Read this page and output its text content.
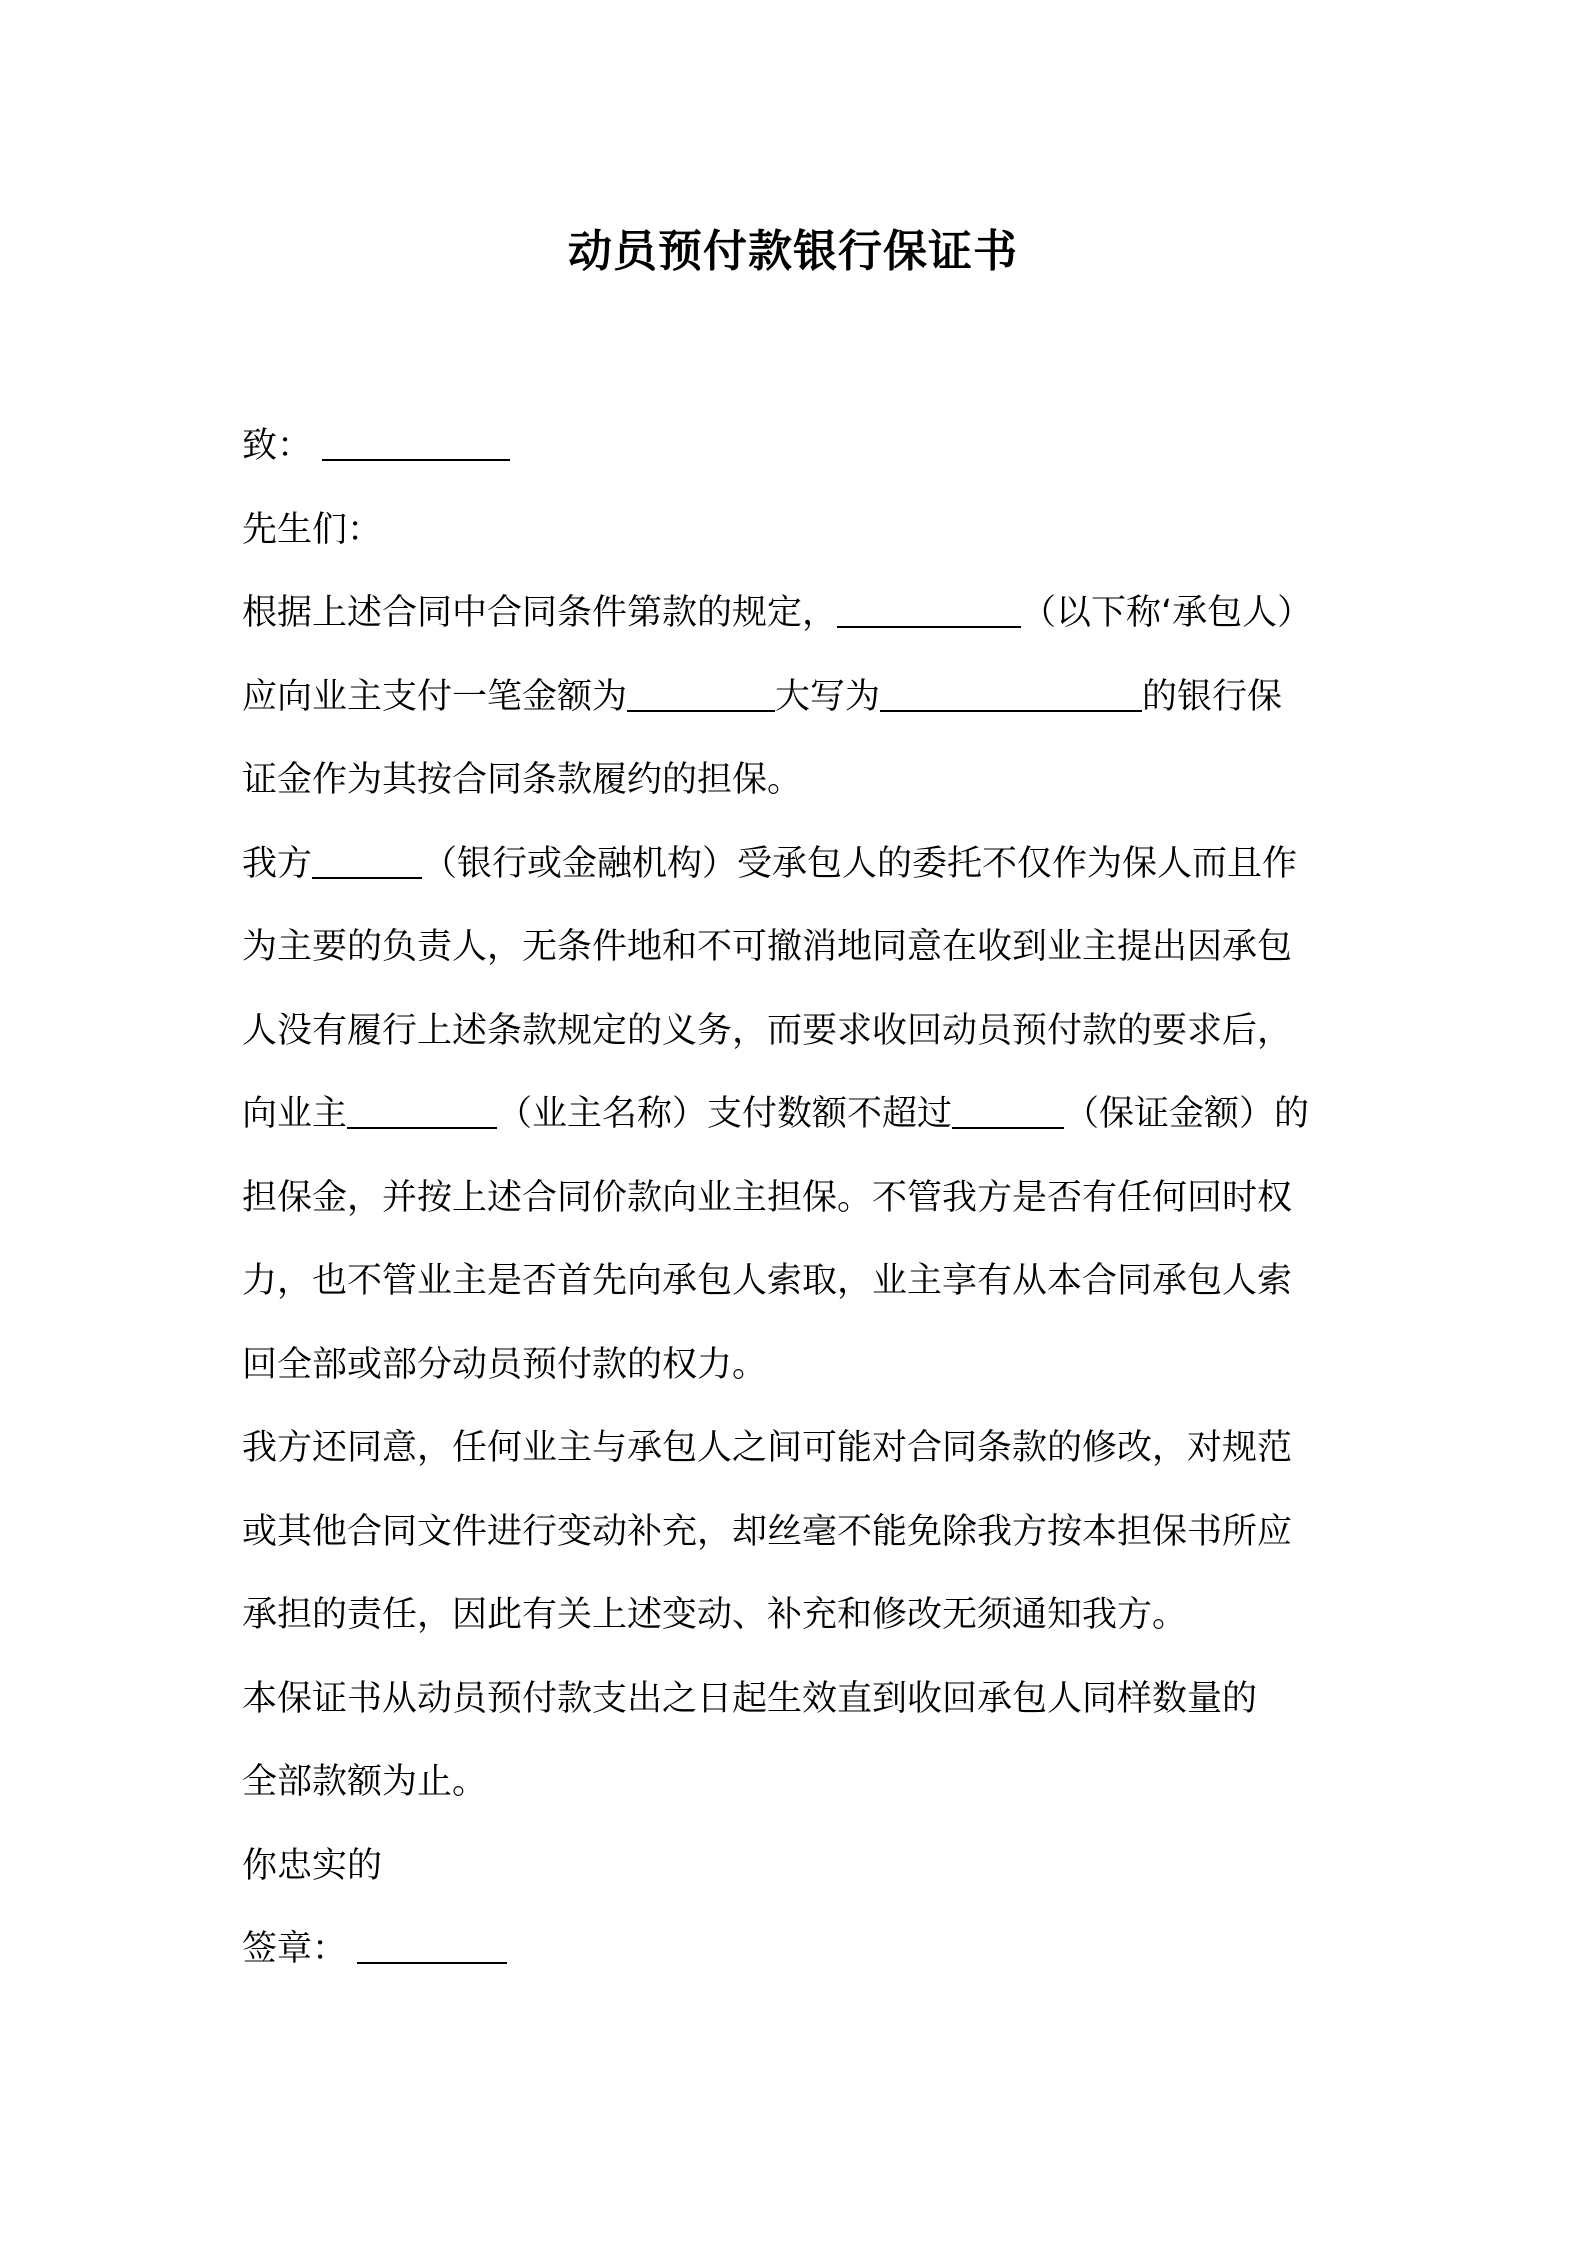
动员预付款银行保证书
致：
先生们：
根据上述合同中合同条件第款的规定，	（以下称‘承包人）
应向业主支付一笔金额为	大写为	的银行保
证金作为其按合同条款履约的担保。
我方	（银行或金融机构）受承包人的委托不仅作为保人而且作
为主要的负责人，无条件地和不可撤消地同意在收到业主提出因承包
人没有履行上述条款规定的义务，而要求收回动员预付款的要求后，
向业主	（业主名称）支付数额不超过	（保证金额）的
担保金，并按上述合同价款向业主担保。不管我方是否有任何回时权
力，也不管业主是否首先向承包人索取，业主享有从本合同承包人索
回全部或部分动员预付款的权力。
我方还同意，任何业主与承包人之间可能对合同条款的修改，对规范
或其他合同文件进行变动补充，却丝毫不能免除我方按本担保书所应
承担的责任，因此有关上述变动、补充和修改无须通知我方。
本保证书从动员预付款支出之日起生效直到收回承包人同样数量的
全部款额为止。
你忠实的
签章：
